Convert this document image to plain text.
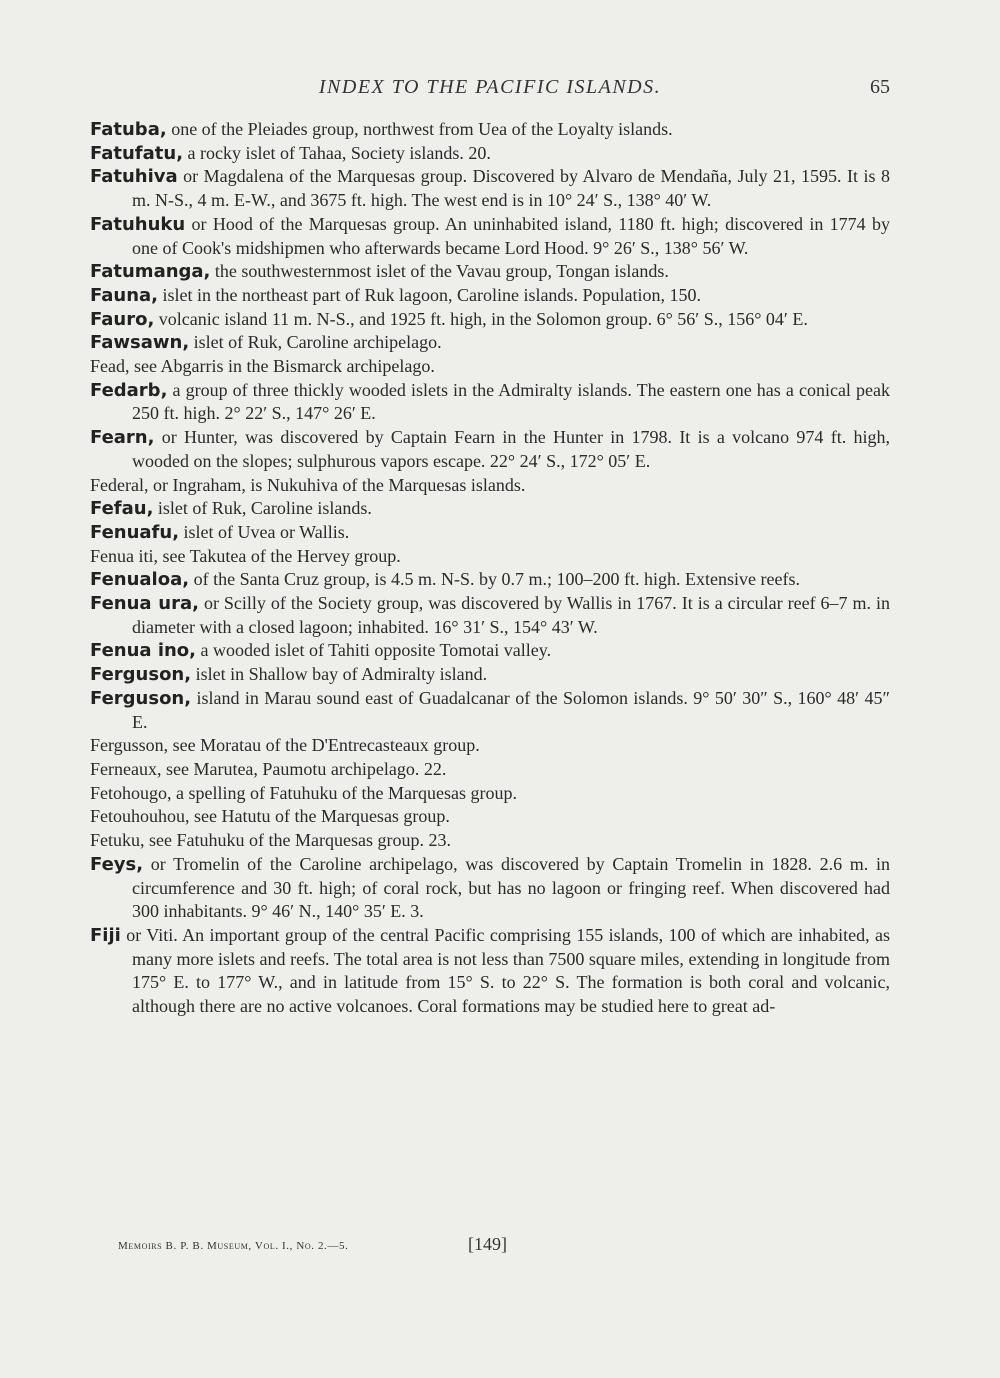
INDEX TO THE PACIFIC ISLANDS.	65

Fatuba, one of the Pleiades group, northwest from Uea of the Loyalty islands.

Fatufatu, a rocky islet of Tahaa, Society islands. 20.

Fatuhiva or Magdalena of the Marquesas group. Discovered by Alvaro de Mendaña, July 21, 1595. It is 8 m. N-S., 4 m. E-W., and 3675 ft. high. The west end is in 10° 24′ S., 138° 40′ W.

Fatuhuku or Hood of the Marquesas group. An uninhabited island, 1180 ft. high; discovered in 1774 by one of Cook's midshipmen who afterwards became Lord Hood. 9° 26′ S., 138° 56′ W.

Fatumanga, the southwesternmost islet of the Vavau group, Tongan islands.

Fauna, islet in the northeast part of Ruk lagoon, Caroline islands. Population, 150.

Fauro, volcanic island 11 m. N-S., and 1925 ft. high, in the Solomon group. 6° 56′ S., 156° 04′ E.

Fawsawn, islet of Ruk, Caroline archipelago.

Fead, see Abgarris in the Bismarck archipelago.

Fedarb, a group of three thickly wooded islets in the Admiralty islands. The eastern one has a conical peak 250 ft. high. 2° 22′ S., 147° 26′ E.

Fearn, or Hunter, was discovered by Captain Fearn in the Hunter in 1798. It is a volcano 974 ft. high, wooded on the slopes; sulphurous vapors escape. 22° 24′ S., 172° 05′ E.

Federal, or Ingraham, is Nukuhiva of the Marquesas islands.

Fefau, islet of Ruk, Caroline islands.

Fenuafu, islet of Uvea or Wallis.

Fenua iti, see Takutea of the Hervey group.

Fenualoa, of the Santa Cruz group, is 4.5 m. N-S. by 0.7 m.; 100–200 ft. high. Extensive reefs.

Fenua ura, or Scilly of the Society group, was discovered by Wallis in 1767. It is a circular reef 6–7 m. in diameter with a closed lagoon; inhabited. 16° 31′ S., 154° 43′ W.

Fenua ino, a wooded islet of Tahiti opposite Tomotai valley.

Ferguson, islet in Shallow bay of Admiralty island.

Ferguson, island in Marau sound east of Guadalcanar of the Solomon islands. 9° 50′ 30″ S., 160° 48′ 45″ E.

Fergusson, see Moratau of the D'Entrecasteaux group.

Ferneaux, see Marutea, Paumotu archipelago. 22.

Fetohougo, a spelling of Fatuhuku of the Marquesas group.

Fetouhouhou, see Hatutu of the Marquesas group.

Fetuku, see Fatuhuku of the Marquesas group. 23.

Feys, or Tromelin of the Caroline archipelago, was discovered by Captain Tromelin in 1828. 2.6 m. in circumference and 30 ft. high; of coral rock, but has no lagoon or fringing reef. When discovered had 300 inhabitants. 9° 46′ N., 140° 35′ E. 3.

Fiji or Viti. An important group of the central Pacific comprising 155 islands, 100 of which are inhabited, as many more islets and reefs. The total area is not less than 7500 square miles, extending in longitude from 175° E. to 177° W., and in latitude from 15° S. to 22° S. The formation is both coral and volcanic, although there are no active volcanoes. Coral formations may be studied here to great ad-

Memoirs B. P. B. Museum, Vol. I., No. 2.—5.	[149]
